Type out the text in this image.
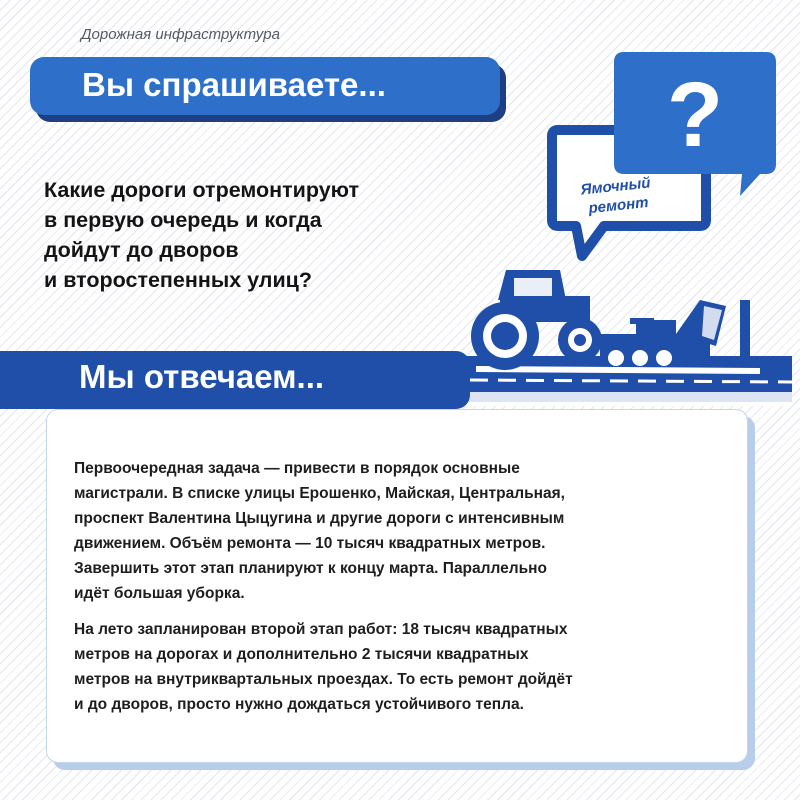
Дорожная инфраструктура
Вы спрашиваете...
Какие дороги отремонтируют
в первую очередь и когда
дойдут до дворов
и второстепенных улиц?
Ямочный
ремонт
?
Мы отвечаем...
Первоочередная задача — привести в порядок основные
магистрали. В списке улицы Ерошенко, Майская, Центральная,
проспект Валентина Цыцугина и другие дороги с интенсивным
движением. Объём ремонта — 10 тысяч квадратных метров.
Завершить этот этап планируют к концу марта. Параллельно
идёт большая уборка.
На лето запланирован второй этап работ: 18 тысяч квадратных
метров на дорогах и дополнительно 2 тысячи квадратных
метров на внутриквартальных проездах. То есть ремонт дойдёт
и до дворов, просто нужно дождаться устойчивого тепла.
